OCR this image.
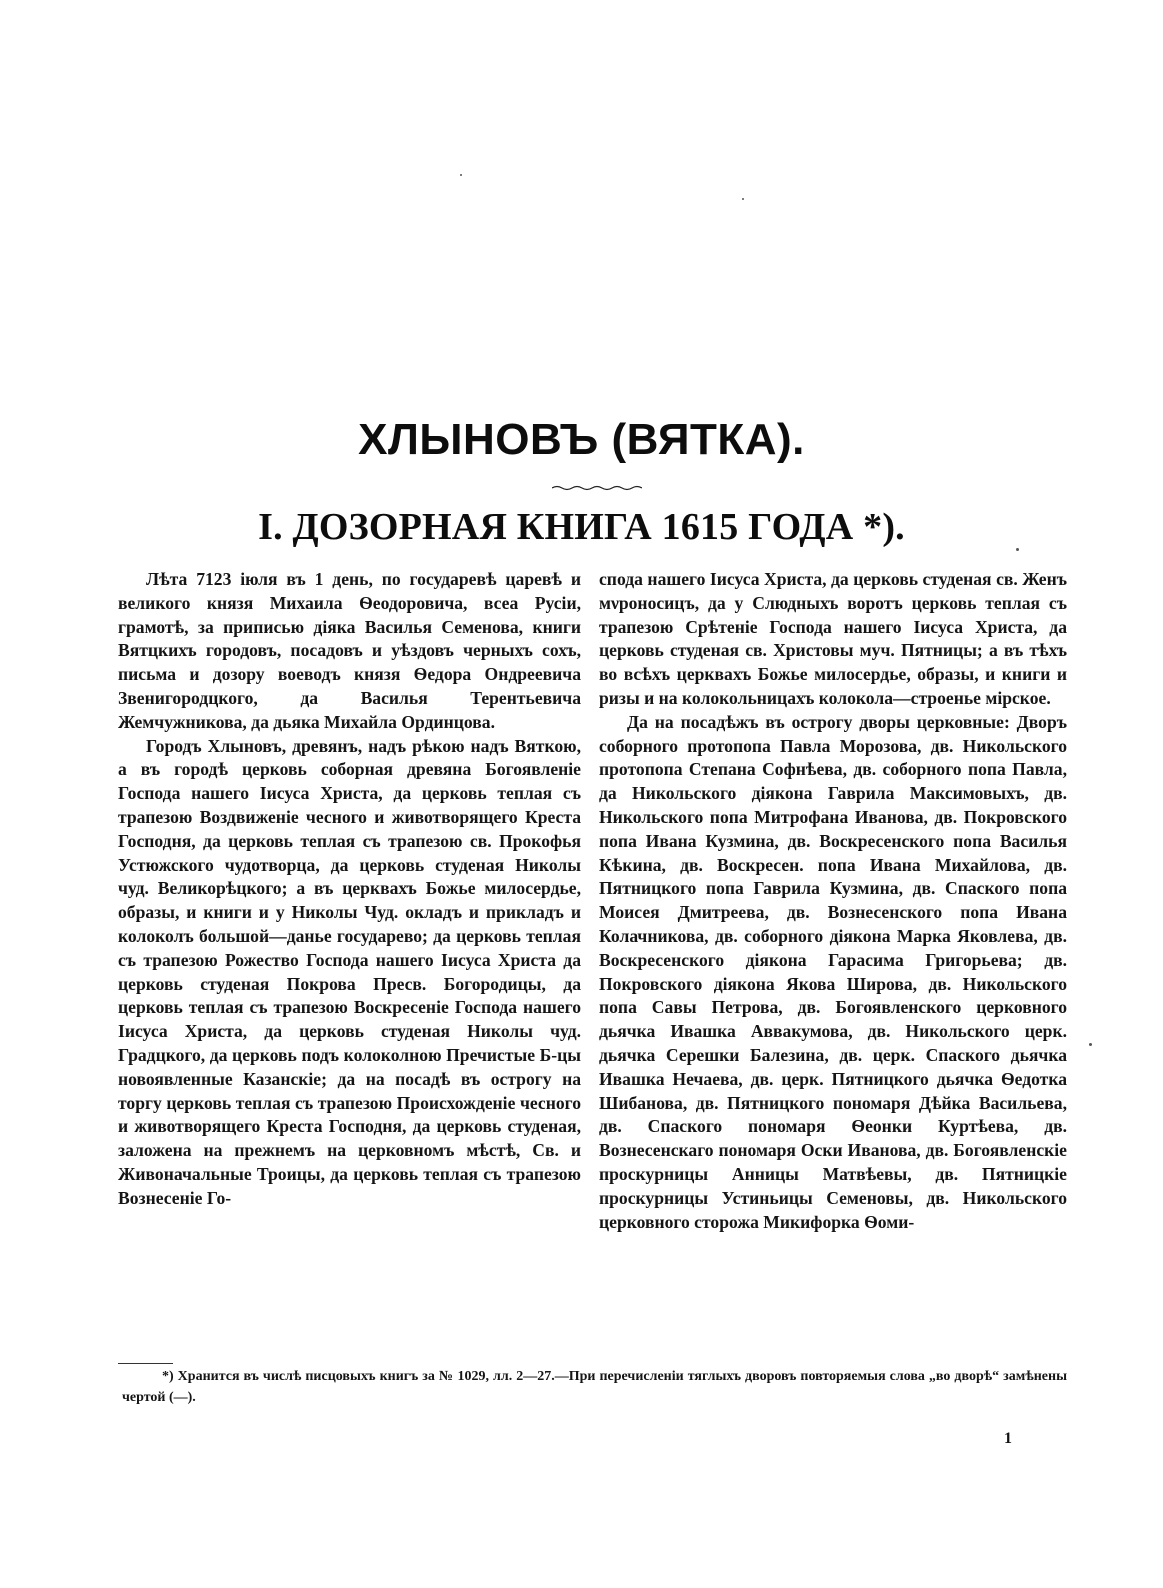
ХЛЫНОВЪ (ВЯТКА).
I. ДОЗОРНАЯ КНИГА 1615 ГОДА *).

Лѣта 7123 iюля въ 1 день, по государевѣ царевѣ и великого князя Михаила Ѳеодоровича, всеа Русiи, грамотѣ, за приписью дiяка Василья Семенова, книги Вятцкихъ городовъ, посадовъ и уѣздовъ черныхъ сохъ, письма и дозору воеводъ князя Ѳедора Ондреевича Звенигородцкого, да Василья Терентьевича Жемчужникова, да дьяка Михайла Ординцова.

Городъ Хлыновъ, древянъ, надъ рѣкою надъ Вяткою, а въ городѣ церковь соборная древяна Богоявленiе Господа нашего Iисуса Христа, да церковь теплая съ трапезою Воздвиженiе чесного и животворящего Креста Господня, да церковь теплая съ трапезою св. Прокофья Устюжского чудотворца, да церковь студеная Николы чуд. Великорѣцкого; а въ церквахъ Божье милосердье, образы, и книги и у Николы Чуд. окладъ и прикладъ и колоколъ большой—данье государево; да церковь теплая съ трапезою Рожество Господа нашего Iисуса Христа да церковь студеная Покрова Пресв. Богородицы, да церковь теплая съ трапезою Воскресенiе Господа нашего Iисуса Христа, да церковь студеная Николы чуд. Градцкого, да церковь подъ колоколною Пречистые Б-цы новоявленные Казанскiе; да на посадѣ въ острогу на торгу церковь теплая съ трапезою Происхожденiе чесного и животворящего Креста Господня, да церковь студеная, заложена на прежнемъ на церковномъ мѣстѣ, Св. и Живоначальные Троицы, да церковь теплая съ трапезою Вознесенiе Го-

спода нашего Iисуса Христа, да церковь студеная св. Женъ мνроносицъ, да у Слюдныхъ воротъ церковь теплая съ трапезою Срѣтенiе Господа нашего Iисуса Христа, да церковь студеная св. Христовы муч. Пятницы; а въ тѣхъ во всѣхъ церквахъ Божье милосердье, образы, и книги и ризы и на колокольницахъ колокола—строенье мiрское.

Да на посадѣжъ въ острогу дворы церковные: Дворъ соборного протопопа Павла Морозова, дв. Никольского протопопа Степана Софнѣева, дв. соборного попа Павла, да Никольского дiякона Гаврила Максимовыхъ, дв. Никольского попа Митрофана Иванова, дв. Покровского попа Ивана Кузмина, дв. Воскресенского попа Василья Кѣкина, дв. Воскресен. попа Ивана Михайлова, дв. Пятницкого попа Гаврила Кузмина, дв. Спаского попа Моисея Дмитреева, дв. Вознесенского попа Ивана Колачникова, дв. соборного дiякона Марка Яковлева, дв. Воскресенского дiякона Гарасима Григорьева; дв. Покровского дiякона Якова Широва, дв. Никольского попа Савы Петрова, дв. Богоявленского церковного дьячка Ивашка Аввакумова, дв. Никольского церк. дьячка Серешки Балезина, дв. церк. Спаского дьячка Ивашка Нечаева, дв. церк. Пятницкого дьячка Ѳедотка Шибанова, дв. Пятницкого пономаря Дѣйка Васильева, дв. Спаского пономаря Ѳеонки Куртѣева, дв. Вознесенскаго пономаря Оски Иванова, дв. Богоявленскiе проскурницы Анницы Матвѣевы, дв. Пятницкiе проскурницы Устиньицы Семеновы, дв. Никольского церковного сторожа Микифорка Ѳоми-

*) Хранится въ числѣ писцовыхъ книгъ за № 1029, лл. 2—27.—При перечисленiи тяглыхъ дворовъ повторяемыя слова „во дворѣ“ замѣнены чертой (—).
1
